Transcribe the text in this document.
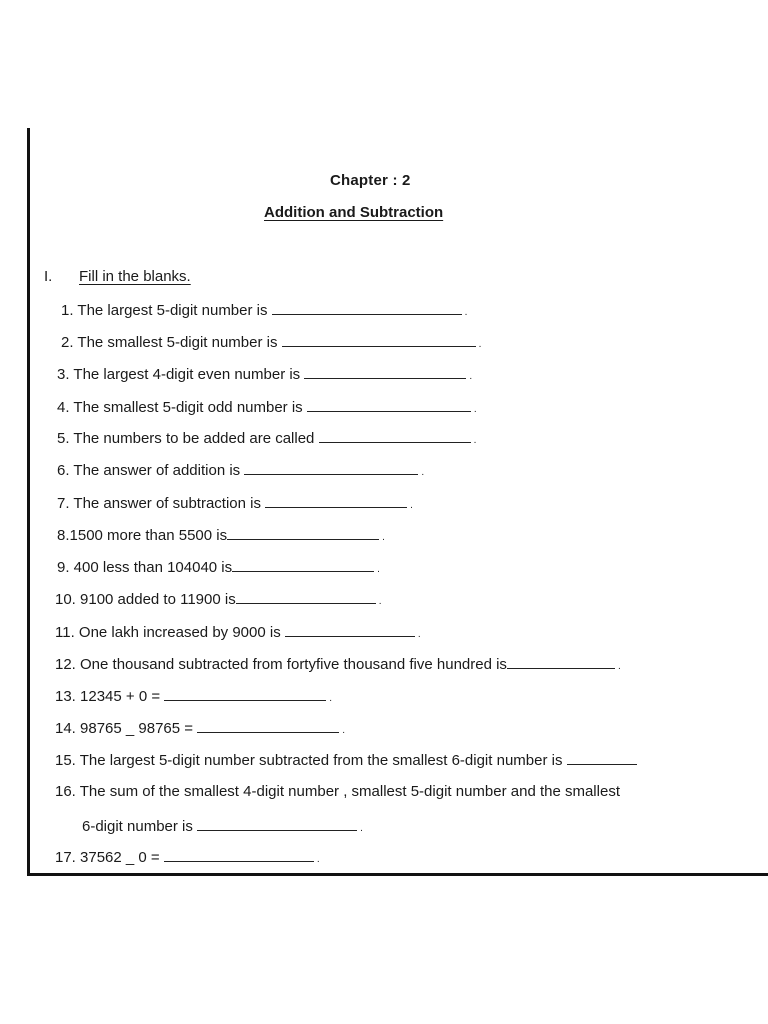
Chapter : 2
Addition and Subtraction
I. Fill in the blanks.
1. The largest 5-digit number is	.
2. The smallest 5-digit number is	.
3. The largest 4-digit even number is	.
4. The smallest 5-digit odd number is	.
5. The numbers to be added are called	.
6. The answer of addition is	.
7. The answer of subtraction is	.
8.1500 more than 5500 is	.
9. 400 less than 104040 is	.
10. 9100 added to 11900 is	.
11. One lakh increased by 9000 is	.
12. One thousand subtracted from fortyfive thousand five hundred is	.
13. 12345 + 0 =	.
14. 98765 _ 98765 =	.
15. The largest 5-digit number subtracted from the smallest 6-digit number is
16. The sum of the smallest 4-digit number , smallest 5-digit number and the smallest
6-digit number is	.
17. 37562 _ 0 =	.
